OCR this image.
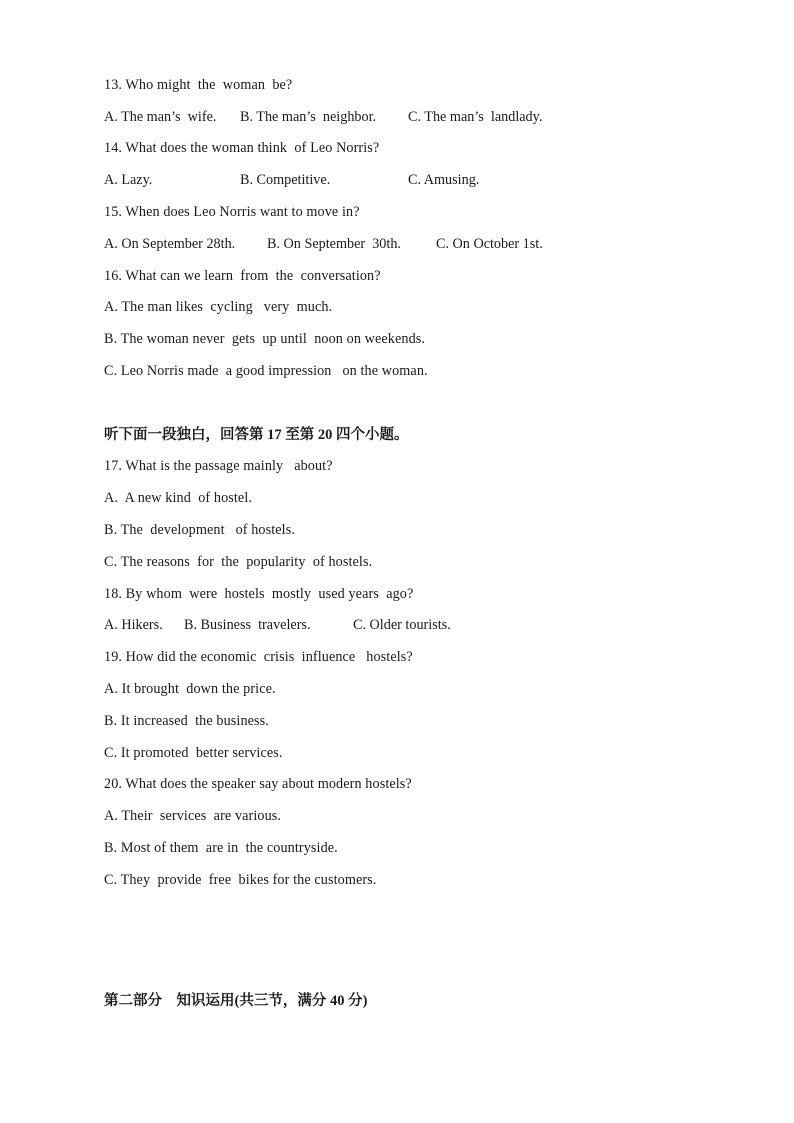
13. Who might  the  woman  be?

A. The man’s  wife.

B. The man’s  neighbor.

C. The man’s  landlady.

14. What does the woman think  of Leo Norris?

A. Lazy.

	B. Competitive.

	C. Amusing.

15. When does Leo Norris want to move in?

A. On September 28th.

B. On September  30th.

C. On October 1st.

16. What can we learn  from  the  conversation?
A. The man likes  cycling   very  much.
B. The woman never  gets  up until  noon on weekends.
C. Leo Norris made  a good impression   on the woman.
听下面一段独白，回答第 17 至第 20 四个小题。
17. What is the passage mainly   about?
A.  A new kind  of hostel.
B. The  development   of hostels.
C. The reasons  for  the  popularity  of hostels.
18. By whom  were  hostels  mostly  used years  ago?

A. Hikers.

B. Business  travelers.

	C. Older tourists.

19. How did the economic  crisis  influence   hostels?
A. It brought  down the price.
B. It increased  the business.
C. It promoted  better services.
20. What does the speaker say about modern hostels?
A. Their  services  are various.
B. Most of them  are in  the countryside.
C. They  provide  free  bikes for the customers.
第二部分    知识运用(共三节，满分 40 分)
